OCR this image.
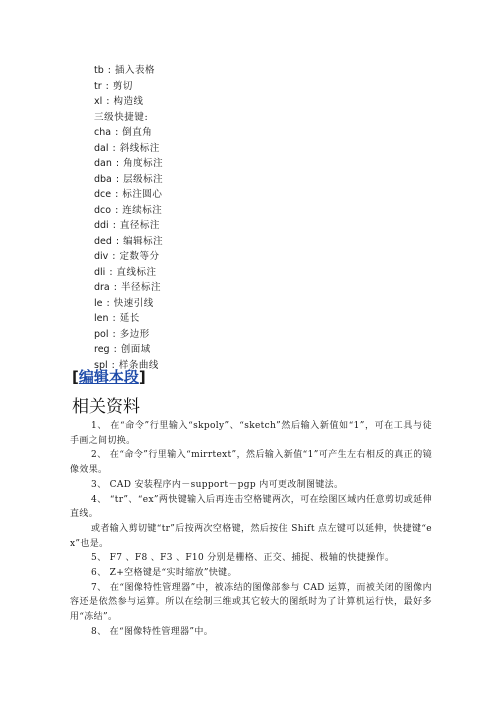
tb : 插入表格
tr : 剪切
xl : 构造线
三级快捷键:
cha : 倒直角
dal : 斜线标注
dan : 角度标注
dba : 层级标注
dce : 标注圆心
dco : 连续标注
ddi : 直径标注
ded : 编辑标注
div : 定数等分
dli : 直线标注
dra : 半径标注
le : 快速引线
len : 延长
pol : 多边形
reg : 创面域
spl : 样条曲线
[编辑本段]
相关资料

1、 在“命令”行里输入“skpoly”、“sketch”然后输入新值如“1”，可在工具与徒手画之间切换。

2、 在“命令”行里输入“mirrtext”，然后输入新值“1”可产生左右相反的真正的镜像效果。

3、 CAD 安装程序内－support－pgp 内可更改制图键法。

4、 “tr”、“ex”两快键输入后再连击空格键两次，可在绘图区域内任意剪切或延伸直线。

或者输入剪切键“tr”后按两次空格键，然后按住 Shift 点左键可以延伸，快捷键“ex”也是。

5、 F7 、F8 、F3 、F10 分别是栅格、正交、捕捉、极轴的快捷操作。

6、 Z+空格键是“实时缩放”快键。

7、 在“图像特性管理器”中，被冻结的图像部参与 CAD 运算，而被关闭的图像内容还是依然参与运算。所以在绘制三维或其它较大的图纸时为了计算机运行快，最好多用“冻结”。

8、 在“图像特性管理器”中。
